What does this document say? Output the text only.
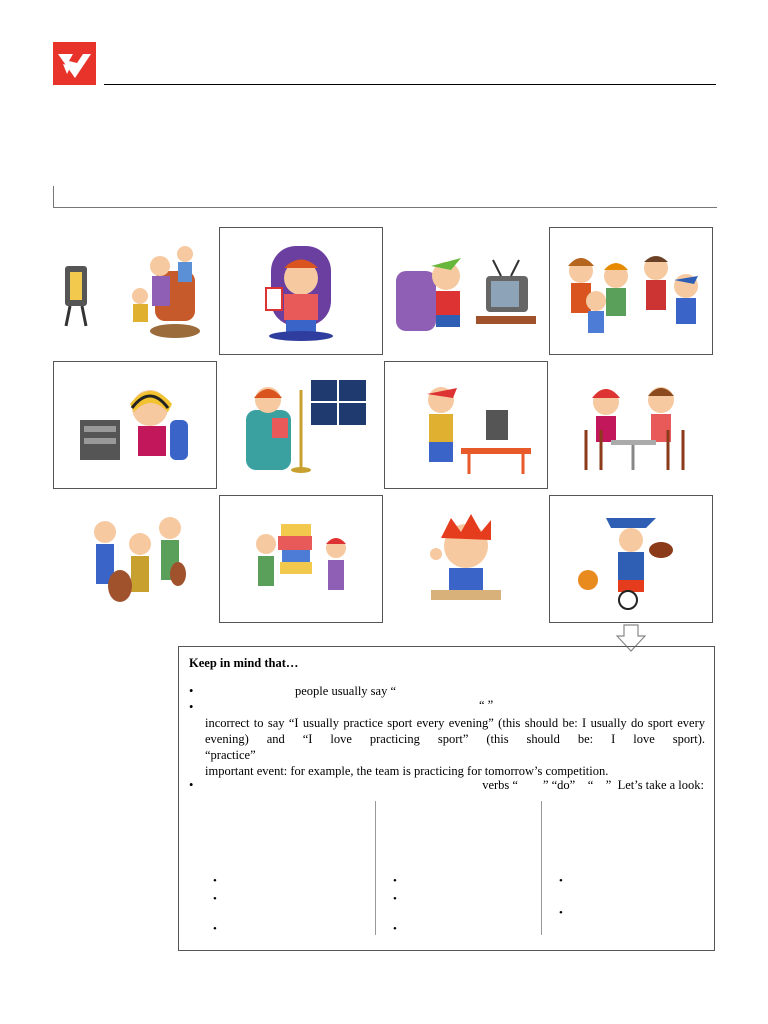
Keep in mind that…
•	people usually say “
•	“ ”
incorrect to say “I usually practice sport every evening” (this should be: I usually do sport every evening) and “I love practicing sport” (this should be: I love sport).
“practice”
important event: for example, the team is practicing for tomorrow’s competition.
•	verbs “        ” “do”    “    ”  Let’s take a look:
•
•
•
•
•
•
•
•
